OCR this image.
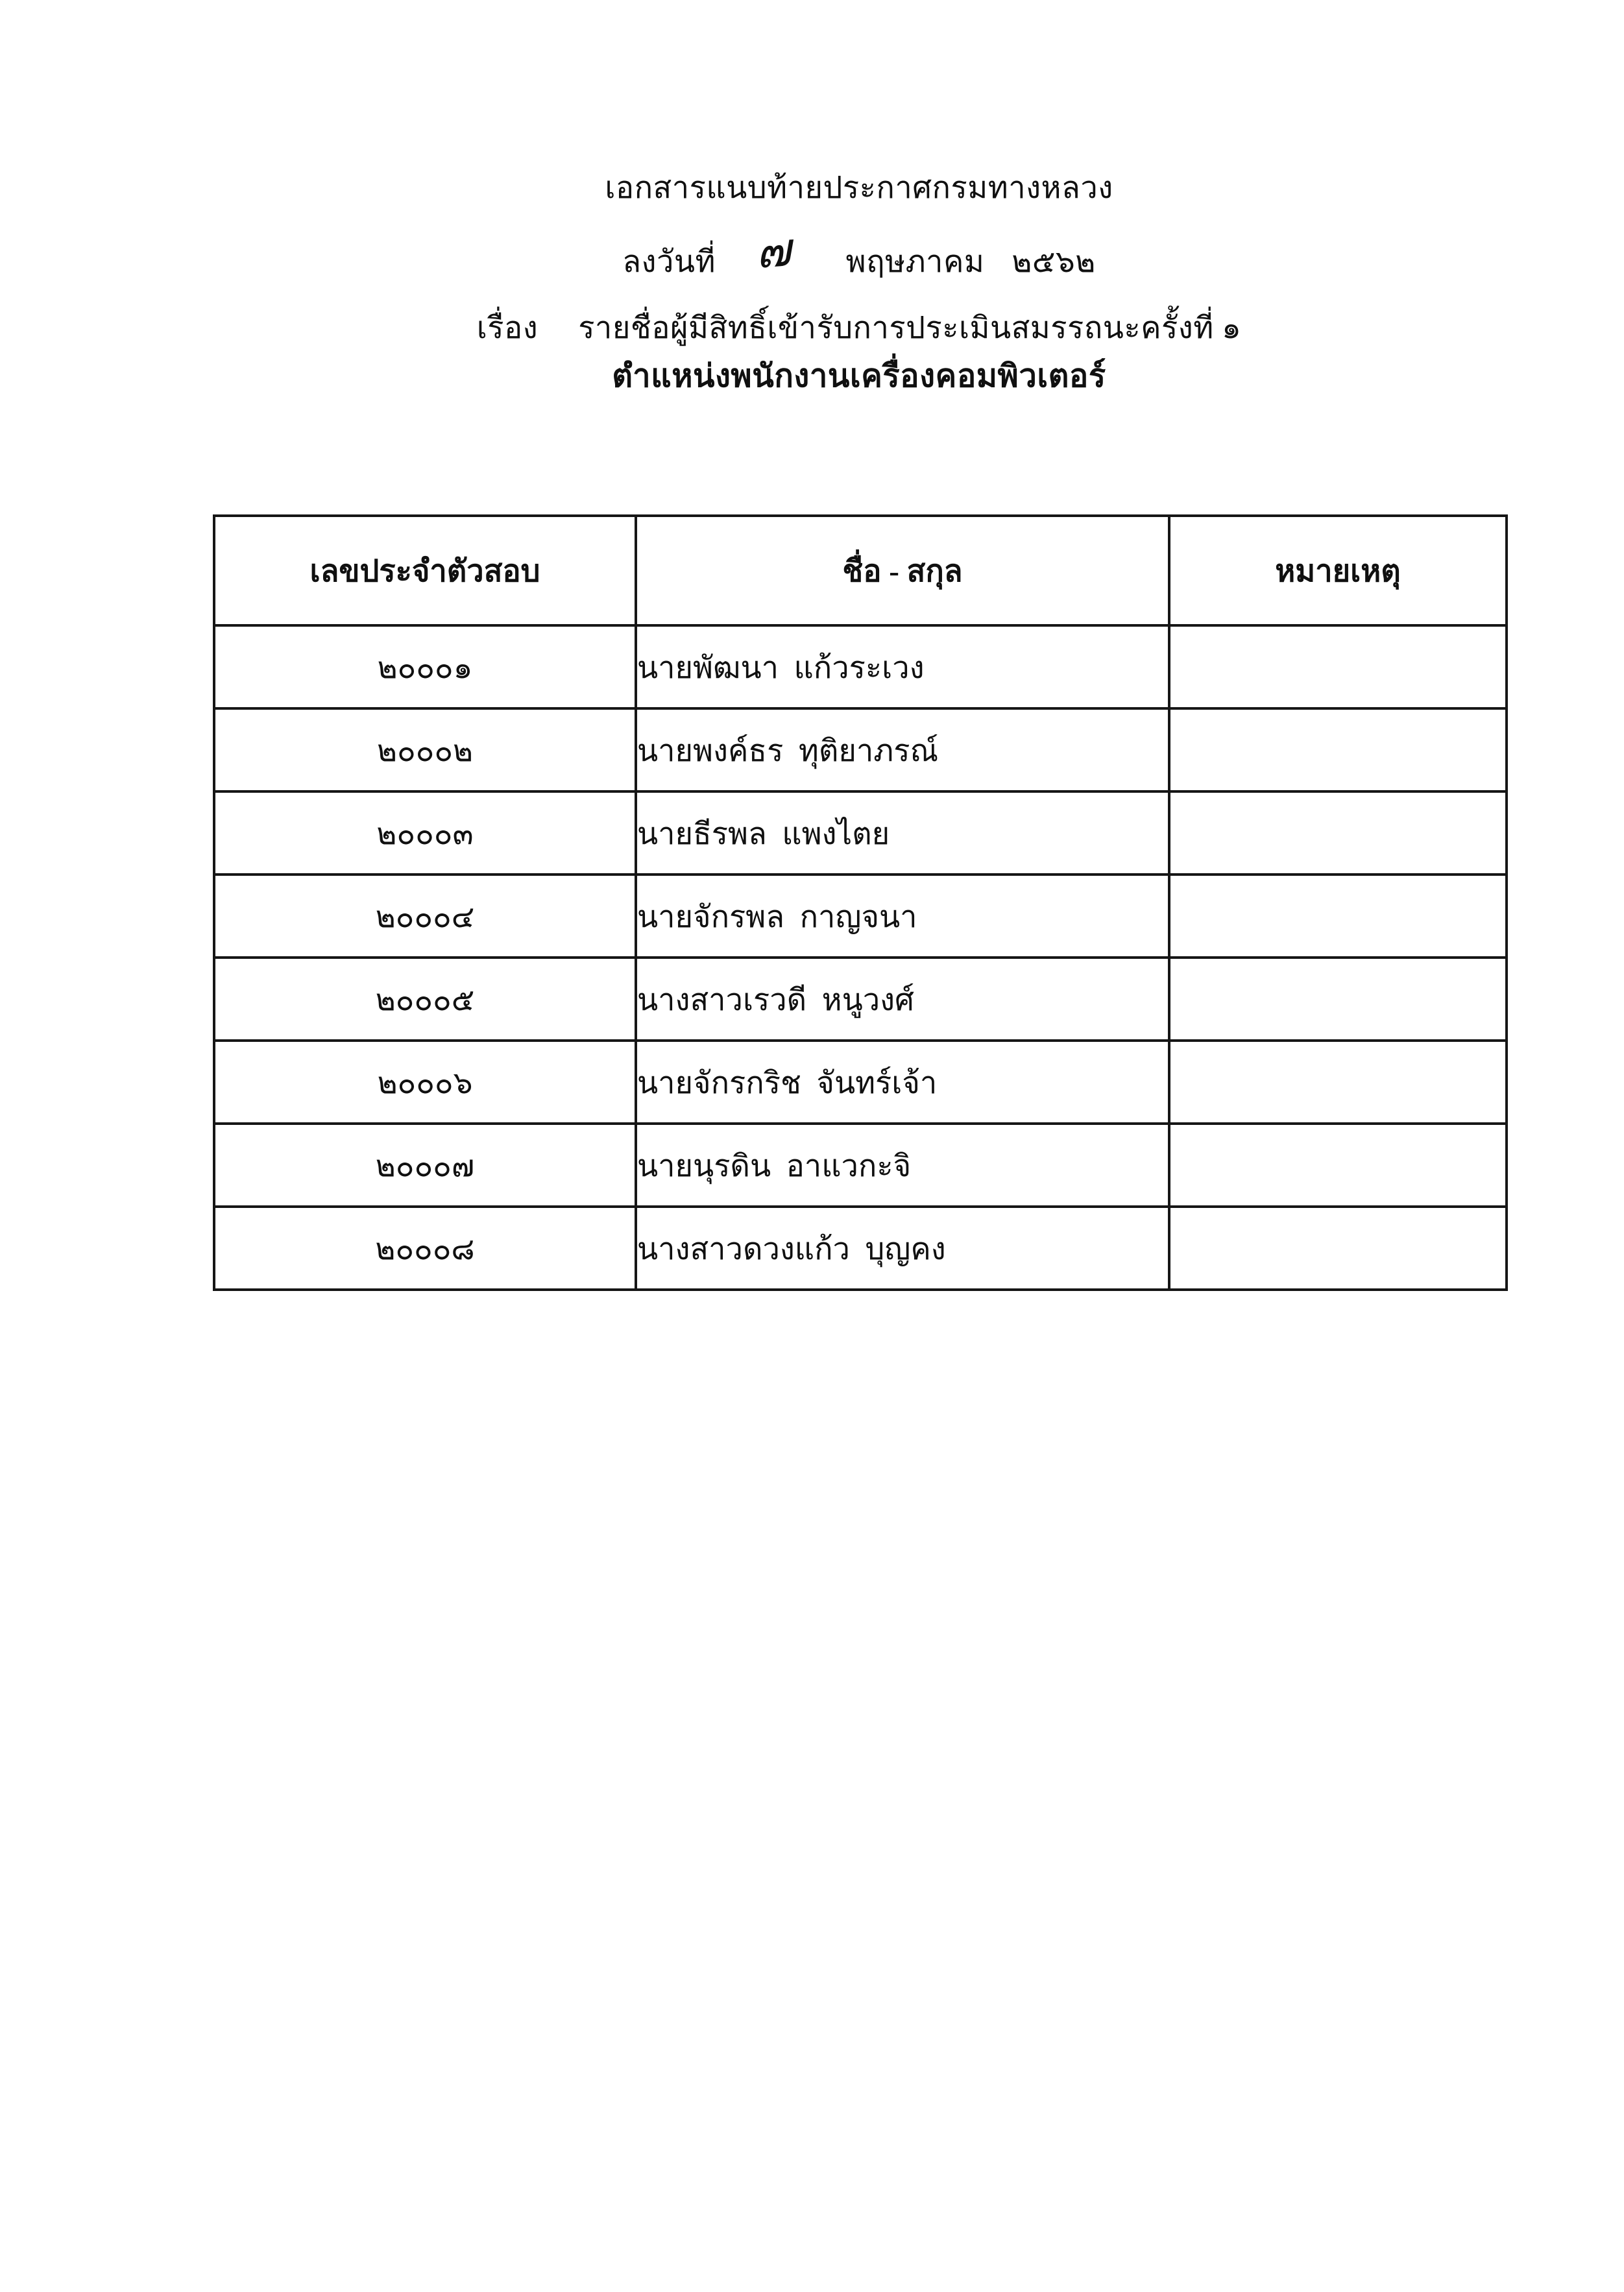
เอกสารแนบท้ายประกาศกรมทางหลวง
ลงวันที่ ๗ พฤษภาคม ๒๕๖๒
เรื่อง รายชื่อผู้มีสิทธิ์เข้ารับการประเมินสมรรถนะครั้งที่ ๑
ตำแหน่งพนักงานเครื่องคอมพิวเตอร์
เลขประจำตัวสอบ	ชื่อ - สกุล	หมายเหตุ
๒๐๐๐๑	นายพัฒนา  แก้วระเวง	
๒๐๐๐๒	นายพงค์ธร  ทุติยาภรณ์	
๒๐๐๐๓	นายธีรพล  แพงไตย	
๒๐๐๐๔	นายจักรพล  กาญจนา	
๒๐๐๐๕	นางสาวเรวดี  หนูวงศ์	
๒๐๐๐๖	นายจักรกริช  จันทร์เจ้า	
๒๐๐๐๗	นายนุรดิน  อาแวกะจิ	
๒๐๐๐๘	นางสาวดวงแก้ว  บุญคง	
